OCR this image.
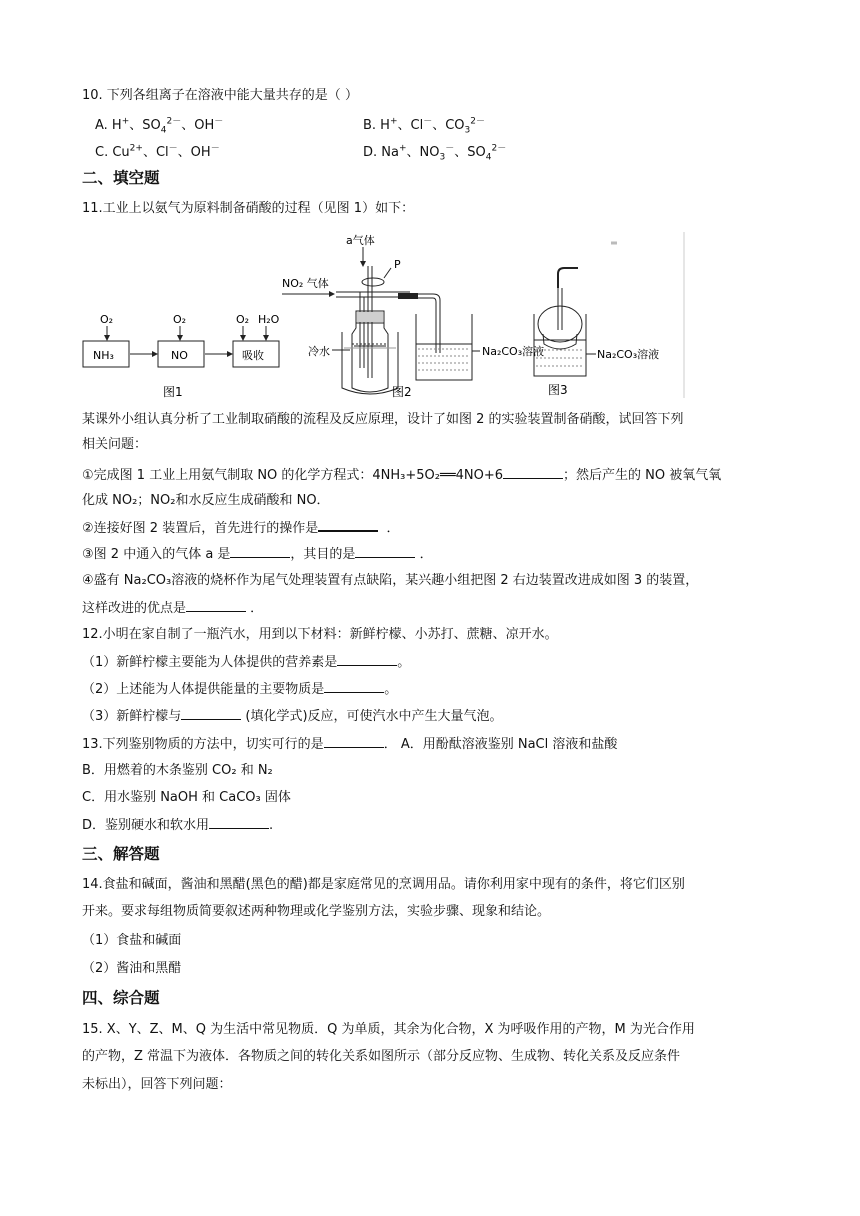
10. 下列各组离子在溶液中能大量共存的是（ ）
A. H+、$SO_4^{2-}$、OH－	B. H+、Cl－、$CO_3^{2-}$
C. $Cu^{2+}$、Cl－、OH－	D. Na+、$NO_3^-$、$SO_4^{2-}$
二、填空题
11.工业上以氨气为原料制备硝酸的过程（见图 1）如下：
O₂
NH₃
O₂
NO
O₂ H₂O
吸收
图1
a气体
NO₂ 气体
P
冷水	Na₂CO₃溶液
图2
Na₂CO₃溶液
图3
某课外小组认真分析了工业制取硝酸的流程及反应原理，设计了如图 2 的实验装置制备硝酸，试回答下列
相关问题：
①完成图 1 工业上用氨气制取 NO 的化学方程式：4NH₃+5O₂══4NO+6	；然后产生的 NO 被氧气氧
化成 NO₂；NO₂和水反应生成硝酸和 NO．
②连接好图 2 装置后，首先进行的操作是	．
③图 2 中通入的气体 a 是	，其目的是	．
④盛有 Na₂CO₃溶液的烧杯作为尾气处理装置有点缺陷，某兴趣小组把图 2 右边装置改进成如图 3 的装置，
这样改进的优点是	．
12.小明在家自制了一瓶汽水，用到以下材料：新鲜柠檬、小苏打、蔗糖、凉开水。
（1）新鲜柠檬主要能为人体提供的营养素是	。
（2）上述能为人体提供能量的主要物质是	。
（3）新鲜柠檬与	(填化学式)反应，可使汽水中产生大量气泡。
13.下列鉴别物质的方法中，切实可行的是	． A．用酚酞溶液鉴别 NaCl 溶液和盐酸
B．用燃着的木条鉴别 CO₂ 和 N₂
C．用水鉴别 NaOH 和 CaCO₃ 固体
D．鉴别硬水和软水用	.
三、解答题
14.食盐和碱面，酱油和黑醋(黑色的醋)都是家庭常见的烹调用品。请你利用家中现有的条件，将它们区别
开来。要求每组物质简要叙述两种物理或化学鉴别方法，实验步骤、现象和结论。
（1）食盐和碱面
（2）酱油和黑醋
四、综合题
15. X、Y、Z、M、Q 为生活中常见物质．Q 为单质，其余为化合物，X 为呼吸作用的产物，M 为光合作用
的产物，Z 常温下为液体．各物质之间的转化关系如图所示（部分反应物、生成物、转化关系及反应条件
未标出），回答下列问题：
